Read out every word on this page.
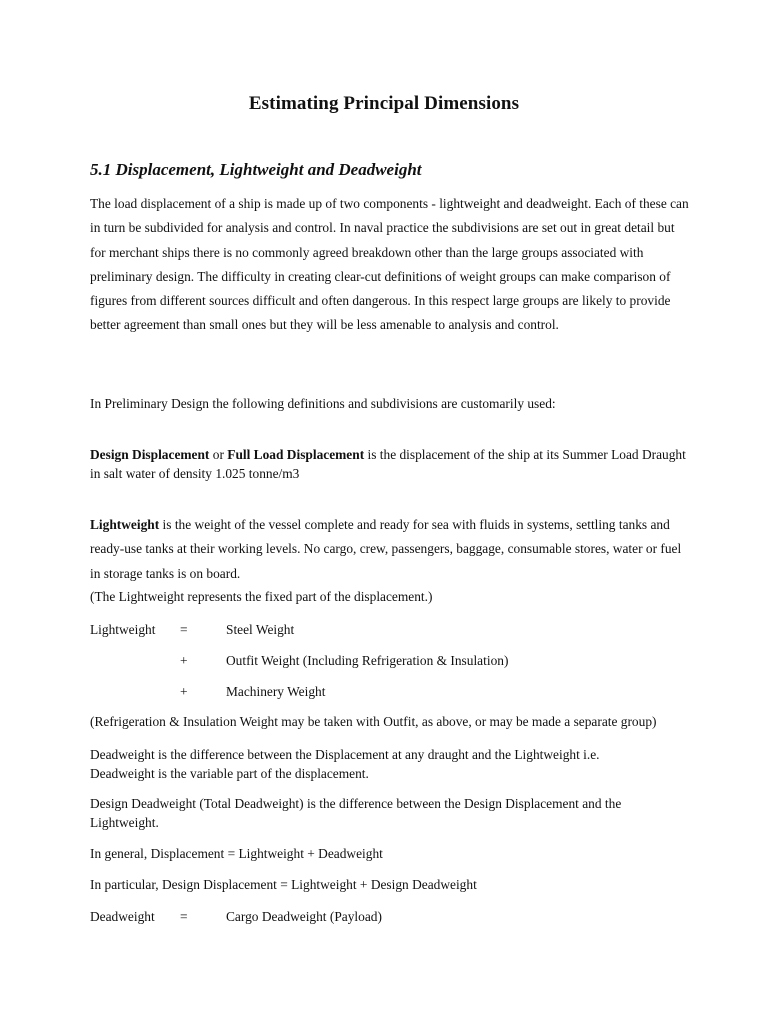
Estimating Principal Dimensions
5.1 Displacement, Lightweight and Deadweight
The load displacement of a ship is made up of two components - lightweight and deadweight. Each of these can in turn be subdivided for analysis and control. In naval practice the subdivisions are set out in great detail but for merchant ships there is no commonly agreed breakdown other than the large groups associated with preliminary design. The difficulty in creating clear-cut definitions of weight groups can make comparison of figures from different sources difficult and often dangerous. In this respect large groups are likely to provide better agreement than small ones but they will be less amenable to analysis and control.
In Preliminary Design the following definitions and subdivisions are customarily used:
Design Displacement or Full Load Displacement is the displacement of the ship at its Summer Load Draught in salt water of density 1.025 tonne/m3
Lightweight is the weight of the vessel complete and ready for sea with fluids in systems, settling tanks and ready-use tanks at their working levels. No cargo, crew, passengers, baggage, consumable stores, water or fuel in storage tanks is on board.
(The Lightweight represents the fixed part of the displacement.)
Lightweight =	Steel Weight
+	Outfit Weight (Including Refrigeration & Insulation)
+	Machinery Weight
(Refrigeration & Insulation Weight may be taken with Outfit, as above, or may be made a separate group)
Deadweight is the difference between the Displacement at any draught and the Lightweight i.e. Deadweight is the variable part of the displacement.
Design Deadweight (Total Deadweight) is the difference between the Design Displacement and the Lightweight.
In general, Displacement = Lightweight + Deadweight
In particular, Design Displacement = Lightweight + Design Deadweight
Deadweight =	Cargo Deadweight (Payload)
